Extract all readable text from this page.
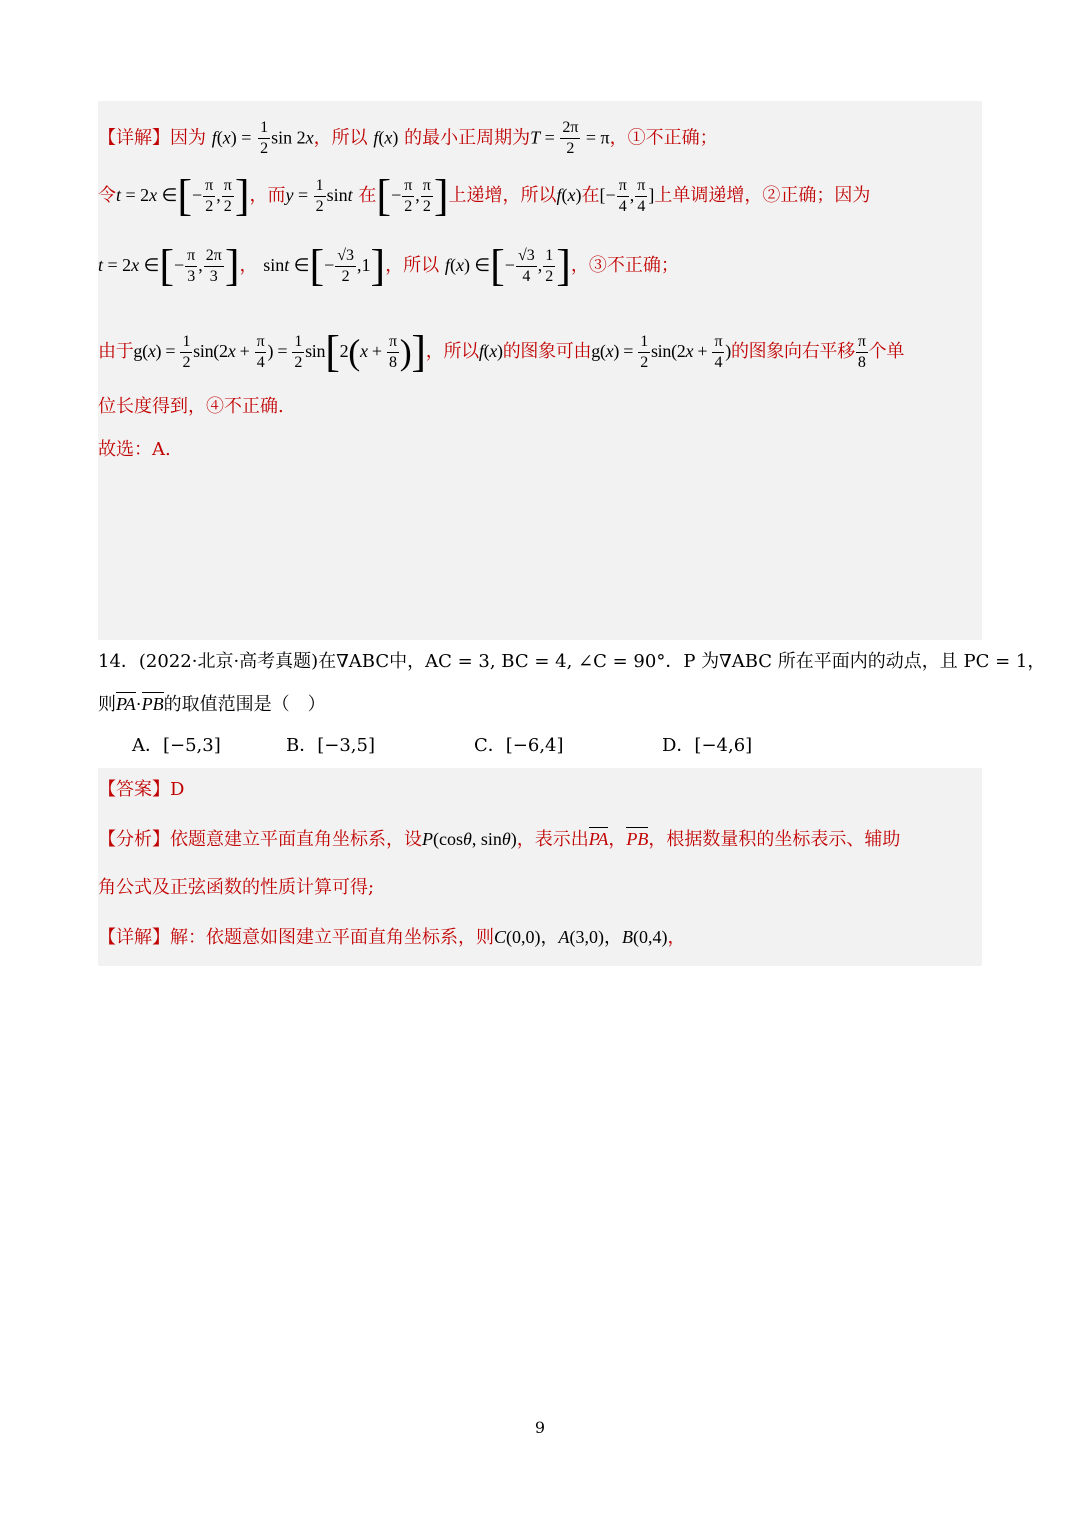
【详解】因为 $f(x) = \frac{1}{2}$ sin 2x，所以 f(x) 的最小正周期为$T = \frac{2\pi}{2} = \pi$，①不正确；
令t = 2x ∈[− $\frac{\pi}{2}$ , $\frac{\pi}{2}$ ]，而$y = \frac{1}{2}$ sint 在[− $\frac{\pi}{2}$ , $\frac{\pi}{2}$ ]上递增，所以f(x)在[− $\frac{\pi}{4}$ , $\frac{\pi}{4}$ ]上单调递增，②正确；因为
t = 2x ∈[− $\frac{\pi}{3}$ , $\frac{2\pi}{3}$ ]， sint ∈[− $\frac{√3}{2} ,1$]，所以 f(x) ∈[− $\frac{√3}{4}$ , $\frac{1}{2}$ ]，③不正确；
由于$g(x) = \frac{1}{2} \sin(2x + \frac{\pi}{4}$ ) = $\frac{1}{2} \sin[2(x + \frac{\pi}{8}$ )]，所以f(x)的图象可由$g(x) = \frac{1}{2} \sin(2x + \frac{\pi}{4}$ )的图象向右平移 $\frac{\pi}{8}$ 个单
位长度得到，④不正确.
故选：A.
14．(2022·北京·高考真题)在∇ABC中，AC = 3, BC = 4, ∠C = 90°．P 为∇ABC 所在平面内的动点，且 PC = 1，
则PA·PB的取值范围是（　）
A．[−5,3]	B．[−3,5]	C．[−6,4]	D．[−4,6]
【答案】D
【分析】依题意建立平面直角坐标系，设P(cosθ, sinθ)，表示出PA，PB，根据数量积的坐标表示、辅助
角公式及正弦函数的性质计算可得;
【详解】解：依题意如图建立平面直角坐标系，则C(0,0)，A(3,0)，B(0,4)，
9
